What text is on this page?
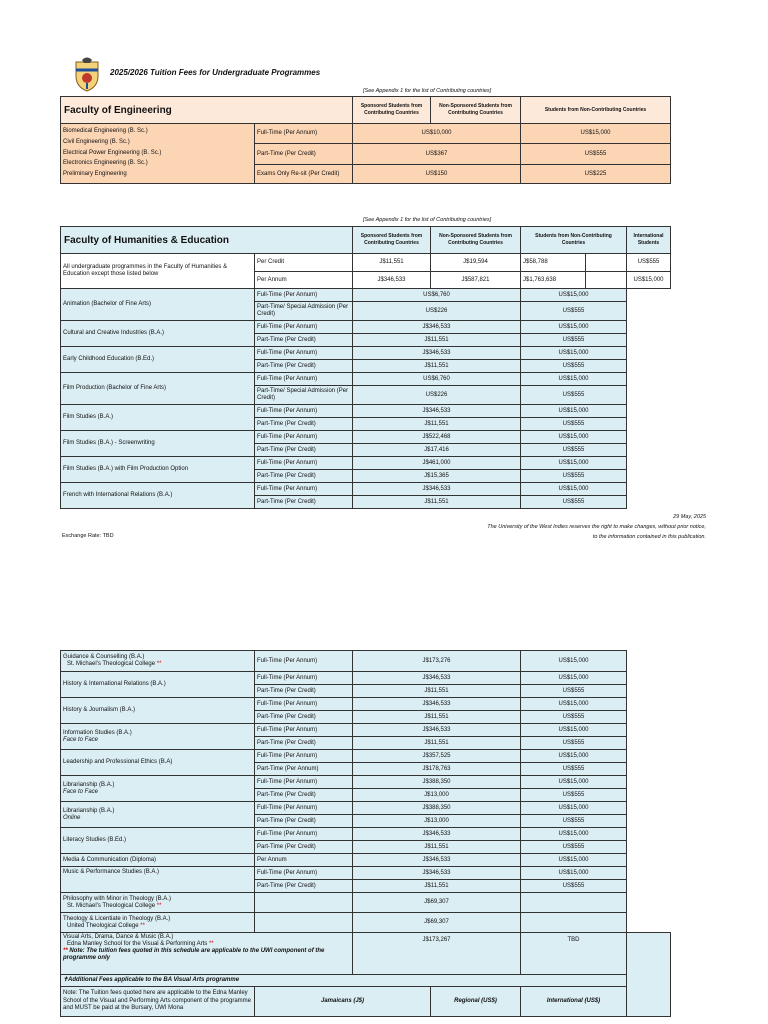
2025/2026 Tuition Fees for Undergraduate Programmes
[See Appendix 1 for the list of Contributing countries]
Faculty of Engineering		Sponsored Students from Contributing Countries	Non-Sponsored Students from Contributing Countries	Students from Non-Contributing Countries

Biomedical Engineering (B. Sc.)
Civil Engineering (B. Sc.)
Electrical Power Engineering (B. Sc.)
Electronics Engineering (B. Sc.)
Preliminary Engineering	Full-Time (Per Annum)	US$10,000		US$15,000
	Part-Time (Per Credit)	US$367		US$555
	Exams Only Re-sit (Per Credit)	US$150		US$225
[See Appendix 1 for the list of Contributing countries]
Faculty of Humanities & Education		Sponsored Students from Contributing Countries	Non-Sponsored Students from Contributing Countries	Students from Non-Contributing Countries		International Students
All undergraduate programmes in the Faculty of Humanities & Education except those listed below	Per Credit	J$11,551	J$19,594	J$58,788		US$555
	Per Annum	J$346,533	J$587,821	J$1,763,638		US$15,000
Animation (Bachelor of Fine Arts)	Full-Time (Per Annum)	US$6,760		US$15,000		
	Part-Time/ Special Admission (Per Credit)	US$226		US$555		
Cultural and Creative Industries (B.A.)	Full-Time (Per Annum)	J$346,533		US$15,000		
	Part-Time (Per Credit)	J$11,551		US$555		
Early Childhood Education (B.Ed.)	Full-Time (Per Annum)	J$346,533		US$15,000		
	Part-Time (Per Credit)	J$11,551		US$555		
Film Production (Bachelor of Fine Arts)	Full-Time (Per Annum)	US$6,760		US$15,000		
	Part-Time/ Special Admission (Per Credit)	US$226		US$555		
Film Studies (B.A.)	Full-Time (Per Annum)	J$346,533		US$15,000		
	Part-Time (Per Credit)	J$11,551		US$555		
Film Studies (B.A.) - Screenwriting	Full-Time (Per Annum)	J$522,468		US$15,000		
	Part-Time (Per Credit)	J$17,416		US$555		
Film Studies (B.A.) with Film Production Option	Full-Time (Per Annum)	J$461,000		US$15,000		
	Part-Time (Per Credit)	J$15,365		US$555		
French with International Relations (B.A.)	Full-Time (Per Annum)	J$346,533		US$15,000		
	Part-Time (Per Credit)	J$11,551		US$555		
29 May, 2025
The University of the West Indies reserves the right to make changes, without prior notice,
to the information contained in this publication.
Exchange Rate: TBD
Guidance & Counselling (B.A.)
St. Michael's Theological College **	Full-Time (Per Annum)	J$173,276		US$15,000	

History & International Relations (B.A.)	Full-Time (Per Annum)	J$346,533		US$15,000	
	Part-Time (Per Credit)	J$11,551		US$555	

History & Journalism (B.A.)	Full-Time (Per Annum)	J$346,533		US$15,000	
	Part-Time (Per Credit)	J$11,551		US$555	

Information Studies (B.A.)
Face to Face	Full-Time (Per Annum)	J$346,533		US$15,000	
	Part-Time (Per Credit)	J$11,551		US$555	

Leadership and Professional Ethics (B.A)	Full-Time (Per Annum)	J$357,525		US$15,000	
	Part-Time (Per Annum)	J$178,763		US$555	

Librarianship (B.A.)
Face to Face	Full-Time (Per Annum)	J$388,350		US$15,000	
	Part-Time (Per Credit)	J$13,000		US$555	

Librarianship (B.A.)
Online	Full-Time (Per Annum)	J$388,350		US$15,000	
	Part-Time (Per Credit)	J$13,000		US$555	

Literacy Studies (B.Ed.)	Full-Time (Per Annum)	J$346,533		US$15,000	
	Part-Time (Per Credit)	J$11,551		US$555	
Media & Communication (Diploma)	Per Annum	J$346,533		US$15,000	
Music & Performance Studies (B.A.)	Full-Time (Per Annum)	J$346,533		US$15,000	
	Part-Time (Per Credit)	J$11,551		US$555	

Philosophy with Minor in Theology (B.A.)
St. Michael's Theological College **		J$69,307			

Theology & Licentiate in Theology (B.A.)
United Theological College **		J$69,307			

Visual Arts, Drama, Dance & Music (B.A.)
Edna Manley School for the Visual & Performing Arts **
** Note: The tuition fees quoted in this schedule are applicable to the UWI component of the programme only		J$173,267		TBD	
✝Additional Fees applicable to the BA Visual Arts programme					
Note: The Tuition fees quoted here are applicable to the Edna Manley School of the Visual and Performing Arts component of the programme and MUST be paid at the Bursary, UWI Mona	Jamaicans (J$)		Regional (US$)	International (US$)	
